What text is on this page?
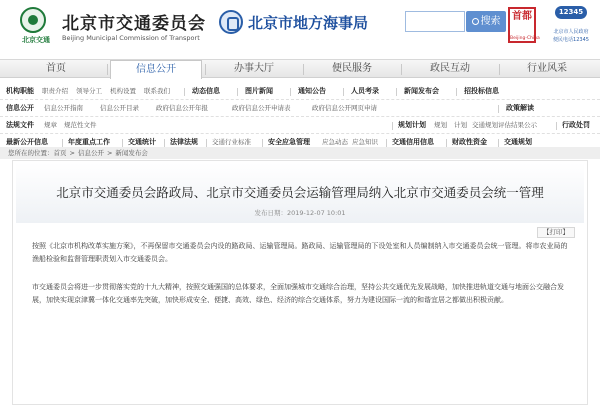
北京交通
北京市交通委员会
Beijing Municipal Commission of Transport
北京市地方海事局	搜索	首都
Beijing-China
12345
北京市人民政府
便民电话12345
首页	信息公开	办事大厅	便民服务	政民互动	行业风采
机构职能 职责介绍 领导分工 机构设置 联系我们	动态信息	图片新闻	通知公告	人员考录	新闻发布会	招投标信息
信息公开 信息公开指南	信息公开目录	政府信息公开年报	政府信息公开申请表	政府信息公开网页申请	政策解读
法规文件 规章 规范性文件	规划计划 规划 计划 交通规划评估结果公示	行政处罚
最新公开信息	年度重点工作	交通统计 法律法规 交通行业标准 安全应急管理 应急动态 应急知识 交通信用信息	财政性资金 交通规划
您所在的位置：首页 > 信息公开 > 新闻发布会
北京市交通委员会路政局、北京市交通委员会运输管理局纳入北京市交通委员会统一管理
发布日期：2019-12-07 10:01
【打印】
按照《北京市机构改革实施方案》，不再保留市交通委员会内设的路政局、运输管理局。路政局、运输管理局的下设处室和人员编制纳入市交通委员会统一管理。将市农业局的渔船检验和监督管理职责划入市交通委员会。
市交通委员会将进一步贯彻落实党的十九大精神，按照交通强国的总体要求，全面加强城市交通综合治理，坚持公共交通优先发展战略，加快推进轨道交通与地面公交融合发展，加快实现京津冀一体化交通率先突破，加快形成安全、便捷、高效、绿色、经济的综合交通体系，努力为建设国际一流的和谐宜居之都做出积极贡献。
